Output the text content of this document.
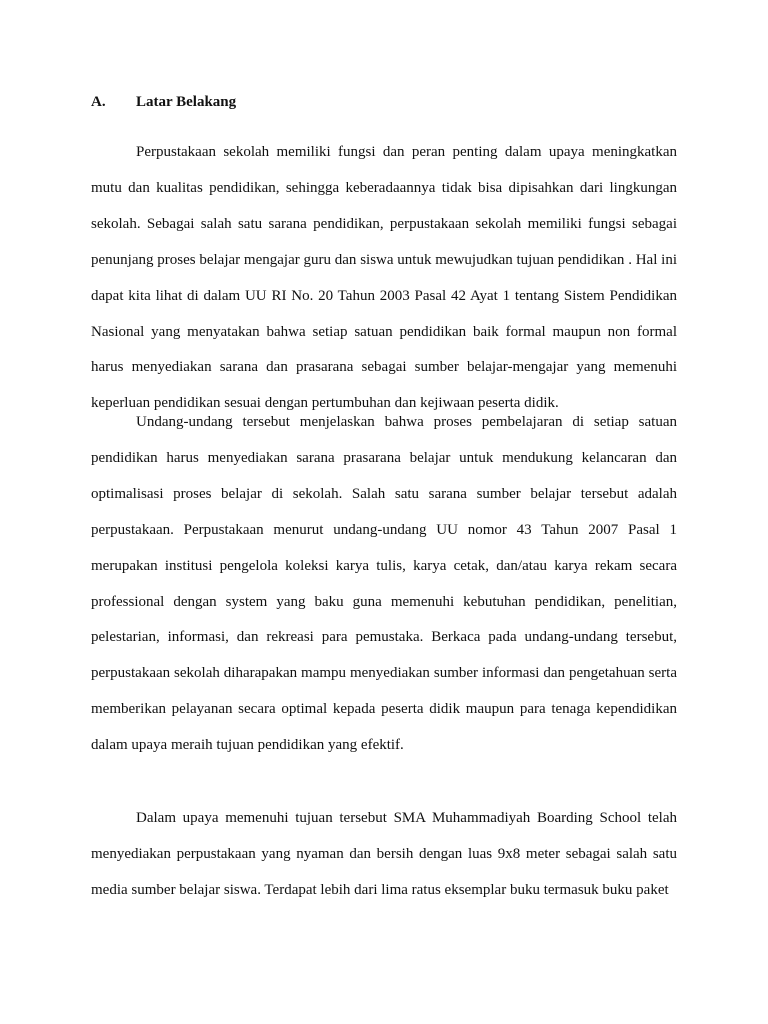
A. Latar Belakang

Perpustakaan sekolah memiliki fungsi dan peran penting dalam upaya meningkatkan mutu dan kualitas pendidikan, sehingga keberadaannya tidak bisa dipisahkan dari lingkungan sekolah. Sebagai salah satu sarana pendidikan, perpustakaan sekolah memiliki fungsi sebagai penunjang proses belajar mengajar guru dan siswa untuk mewujudkan tujuan pendidikan . Hal ini dapat kita lihat di dalam UU RI No. 20 Tahun 2003 Pasal 42 Ayat 1 tentang Sistem Pendidikan Nasional yang menyatakan bahwa setiap satuan pendidikan baik formal maupun non formal harus menyediakan sarana dan prasarana sebagai sumber belajar-mengajar yang memenuhi keperluan pendidikan sesuai dengan pertumbuhan dan kejiwaan peserta didik.

Undang-undang tersebut menjelaskan bahwa proses pembelajaran di setiap satuan pendidikan harus menyediakan sarana prasarana belajar untuk mendukung kelancaran dan optimalisasi proses belajar di sekolah. Salah satu sarana sumber belajar tersebut adalah perpustakaan. Perpustakaan menurut undang-undang UU nomor 43 Tahun 2007 Pasal 1 merupakan institusi pengelola koleksi karya tulis, karya cetak, dan/atau karya rekam secara professional dengan system yang baku guna memenuhi kebutuhan pendidikan, penelitian, pelestarian, informasi, dan rekreasi para pemustaka. Berkaca pada undang-undang tersebut, perpustakaan sekolah diharapakan mampu menyediakan sumber informasi dan pengetahuan serta memberikan pelayanan secara optimal kepada peserta didik maupun para tenaga kependidikan dalam upaya meraih tujuan pendidikan yang efektif.

Dalam upaya memenuhi tujuan tersebut SMA Muhammadiyah Boarding School telah menyediakan perpustakaan yang nyaman dan bersih dengan luas 9x8 meter sebagai salah satu media sumber belajar siswa. Terdapat lebih dari lima ratus eksemplar buku termasuk buku paket
